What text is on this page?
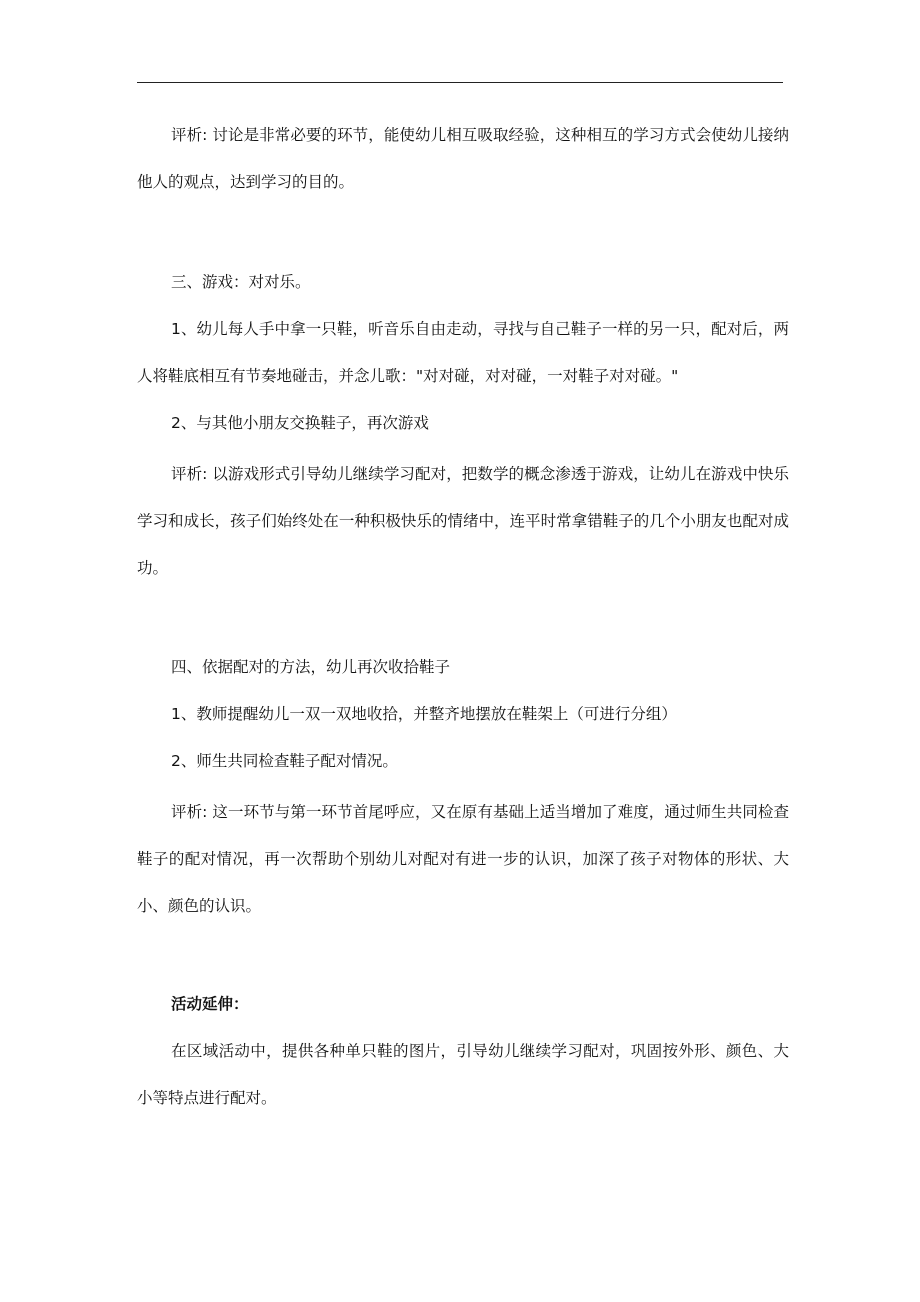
评析: 讨论是非常必要的环节，能使幼儿相互吸取经验，这种相互的学习方式会使幼儿接纳他人的观点，达到学习的目的。

三、游戏：对对乐。

1、幼儿每人手中拿一只鞋，听音乐自由走动，寻找与自己鞋子一样的另一只，配对后，两人将鞋底相互有节奏地碰击，并念儿歌："对对碰，对对碰，一对鞋子对对碰。"

2、与其他小朋友交换鞋子，再次游戏

评析: 以游戏形式引导幼儿继续学习配对，把数学的概念渗透于游戏，让幼儿在游戏中快乐学习和成长，孩子们始终处在一种积极快乐的情绪中，连平时常拿错鞋子的几个小朋友也配对成功。

四、依据配对的方法，幼儿再次收拾鞋子

1、教师提醒幼儿一双一双地收拾，并整齐地摆放在鞋架上（可进行分组）

2、师生共同检查鞋子配对情况。

评析: 这一环节与第一环节首尾呼应，又在原有基础上适当增加了难度，通过师生共同检查鞋子的配对情况，再一次帮助个别幼儿对配对有进一步的认识，加深了孩子对物体的形状、大小、颜色的认识。

活动延伸：

在区域活动中，提供各种单只鞋的图片，引导幼儿继续学习配对，巩固按外形、颜色、大小等特点进行配对。
